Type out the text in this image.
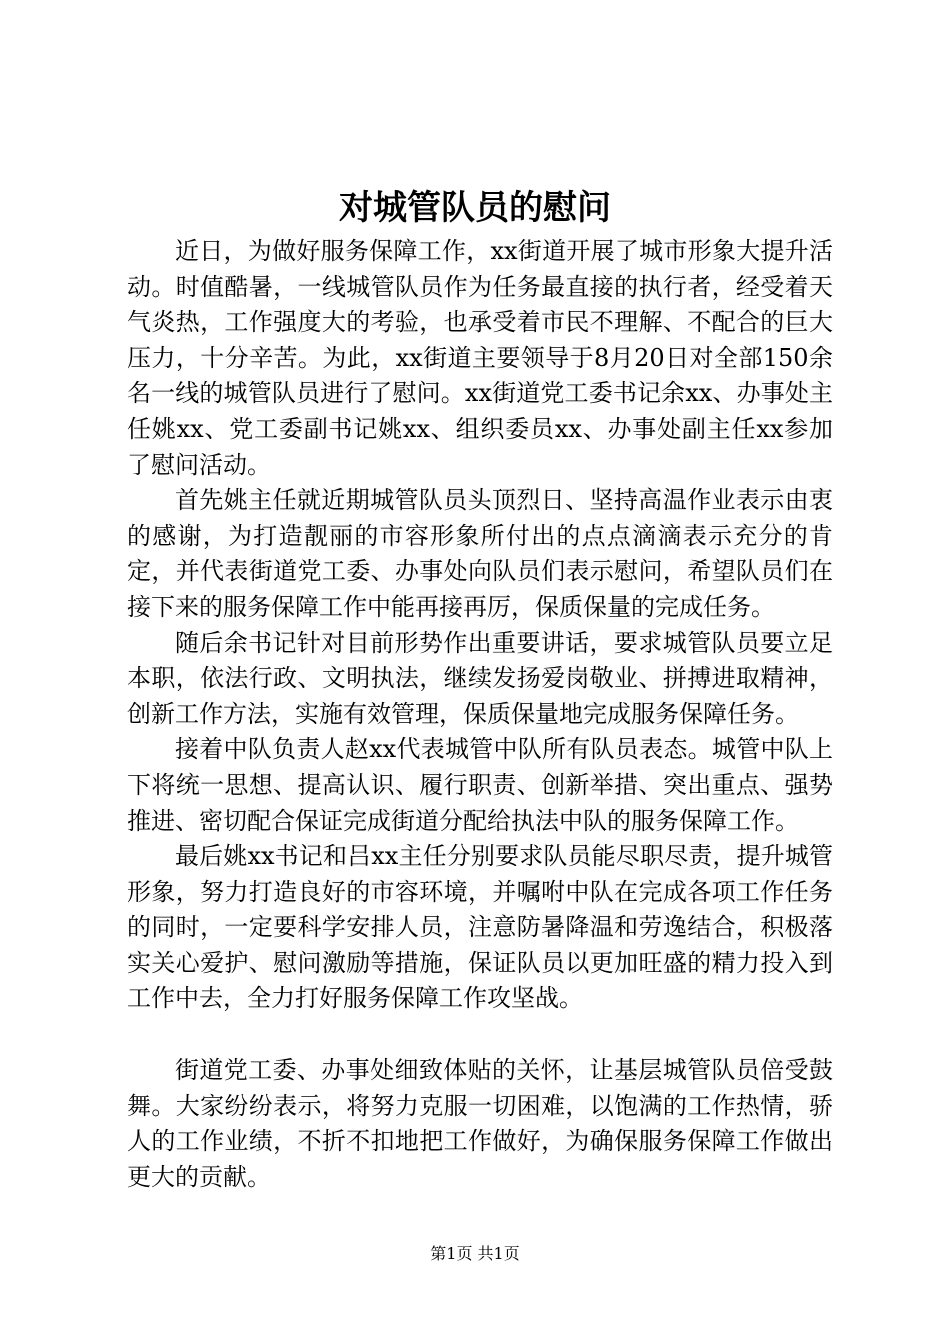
对城管队员的慰问

近日，为做好服务保障工作，xx街道开展了城市形象大提升活动。时值酷暑，一线城管队员作为任务最直接的执行者，经受着天气炎热，工作强度大的考验，也承受着市民不理解、不配合的巨大压力，十分辛苦。为此，xx街道主要领导于8月20日对全部150余名一线的城管队员进行了慰问。xx街道党工委书记余xx、办事处主任姚xx、党工委副书记姚xx、组织委员xx、办事处副主任xx参加了慰问活动。

首先姚主任就近期城管队员头顶烈日、坚持高温作业表示由衷的感谢，为打造靓丽的市容形象所付出的点点滴滴表示充分的肯定，并代表街道党工委、办事处向队员们表示慰问，希望队员们在接下来的服务保障工作中能再接再厉，保质保量的完成任务。

随后余书记针对目前形势作出重要讲话，要求城管队员要立足本职，依法行政、文明执法，继续发扬爱岗敬业、拼搏进取精神，创新工作方法，实施有效管理，保质保量地完成服务保障任务。

接着中队负责人赵xx代表城管中队所有队员表态。城管中队上下将统一思想、提高认识、履行职责、创新举措、突出重点、强势推进、密切配合保证完成街道分配给执法中队的服务保障工作。

最后姚xx书记和吕xx主任分别要求队员能尽职尽责，提升城管形象，努力打造良好的市容环境，并嘱咐中队在完成各项工作任务的同时，一定要科学安排人员，注意防暑降温和劳逸结合，积极落实关心爱护、慰问激励等措施，保证队员以更加旺盛的精力投入到工作中去，全力打好服务保障工作攻坚战。

街道党工委、办事处细致体贴的关怀，让基层城管队员倍受鼓舞。大家纷纷表示，将努力克服一切困难，以饱满的工作热情，骄人的工作业绩，不折不扣地把工作做好，为确保服务保障工作做出更大的贡献。

第1页 共1页
